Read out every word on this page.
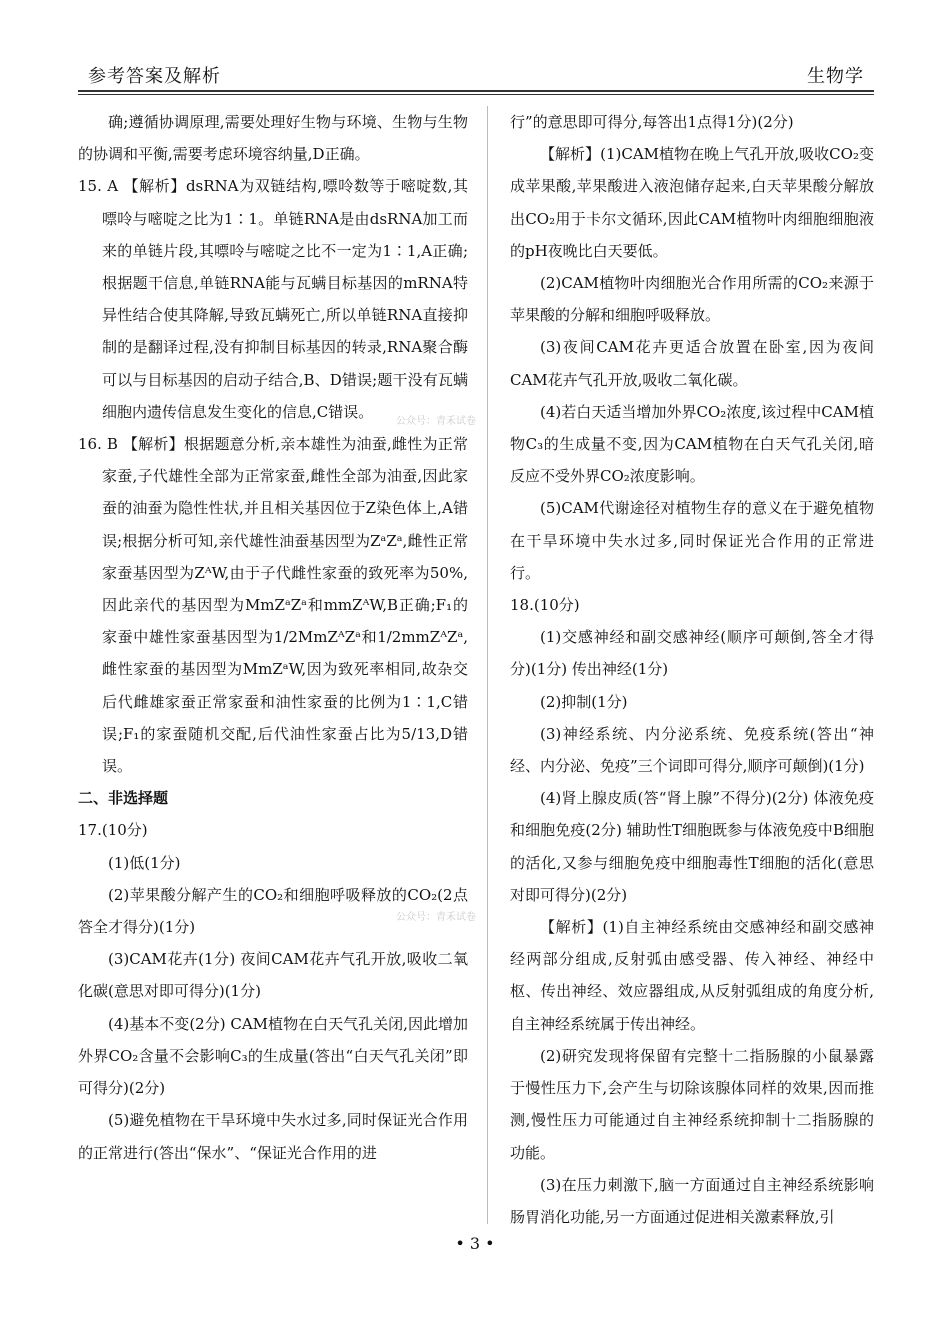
参考答案及解析	生物学

确;遵循协调原理,需要处理好生物与环境、生物与生物的协调和平衡,需要考虑环境容纳量,D正确。

15. A 【解析】dsRNA为双链结构,嘌呤数等于嘧啶数,其嘌呤与嘧啶之比为1∶1。单链RNA是由dsRNA加工而来的单链片段,其嘌呤与嘧啶之比不一定为1∶1,A正确;根据题干信息,单链RNA能与瓦螨目标基因的mRNA特异性结合使其降解,导致瓦螨死亡,所以单链RNA直接抑制的是翻译过程,没有抑制目标基因的转录,RNA聚合酶可以与目标基因的启动子结合,B、D错误;题干没有瓦螨细胞内遗传信息发生变化的信息,C错误。

16. B 【解析】根据题意分析,亲本雄性为油蚕,雌性为正常家蚕,子代雄性全部为正常家蚕,雌性全部为油蚕,因此家蚕的油蚕为隐性性状,并且相关基因位于Z染色体上,A错误;根据分析可知,亲代雄性油蚕基因型为ZᵃZᵃ,雌性正常家蚕基因型为ZᴬW,由于子代雌性家蚕的致死率为50%,因此亲代的基因型为MmZᵃZᵃ和mmZᴬW,B正确;F₁的家蚕中雄性家蚕基因型为1/2MmZᴬZᵃ和1/2mmZᴬZᵃ,雌性家蚕的基因型为MmZᵃW,因为致死率相同,故杂交后代雌雄家蚕正常家蚕和油性家蚕的比例为1∶1,C错误;F₁的家蚕随机交配,后代油性家蚕占比为5/13,D错误。

二、非选择题

17.(10分)

(1)低(1分)

(2)苹果酸分解产生的CO₂和细胞呼吸释放的CO₂(2点答全才得分)(1分)

(3)CAM花卉(1分) 夜间CAM花卉气孔开放,吸收二氧化碳(意思对即可得分)(1分)

(4)基本不变(2分) CAM植物在白天气孔关闭,因此增加外界CO₂含量不会影响C₃的生成量(答出“白天气孔关闭”即可得分)(2分)

(5)避免植物在干旱环境中失水过多,同时保证光合作用的正常进行(答出“保水”、“保证光合作用的进

行”的意思即可得分,每答出1点得1分)(2分)

【解析】(1)CAM植物在晚上气孔开放,吸收CO₂变成苹果酸,苹果酸进入液泡储存起来,白天苹果酸分解放出CO₂用于卡尔文循环,因此CAM植物叶肉细胞细胞液的pH夜晚比白天要低。

(2)CAM植物叶肉细胞光合作用所需的CO₂来源于苹果酸的分解和细胞呼吸释放。

(3)夜间CAM花卉更适合放置在卧室,因为夜间CAM花卉气孔开放,吸收二氧化碳。

(4)若白天适当增加外界CO₂浓度,该过程中CAM植物C₃的生成量不变,因为CAM植物在白天气孔关闭,暗反应不受外界CO₂浓度影响。

(5)CAM代谢途径对植物生存的意义在于避免植物在干旱环境中失水过多,同时保证光合作用的正常进行。

18.(10分)

(1)交感神经和副交感神经(顺序可颠倒,答全才得分)(1分) 传出神经(1分)

(2)抑制(1分)

(3)神经系统、内分泌系统、免疫系统(答出“神经、内分泌、免疫”三个词即可得分,顺序可颠倒)(1分)

(4)肾上腺皮质(答“肾上腺”不得分)(2分) 体液免疫和细胞免疫(2分) 辅助性T细胞既参与体液免疫中B细胞的活化,又参与细胞免疫中细胞毒性T细胞的活化(意思对即可得分)(2分)

【解析】(1)自主神经系统由交感神经和副交感神经两部分组成,反射弧由感受器、传入神经、神经中枢、传出神经、效应器组成,从反射弧组成的角度分析,自主神经系统属于传出神经。

(2)研究发现将保留有完整十二指肠腺的小鼠暴露于慢性压力下,会产生与切除该腺体同样的效果,因而推测,慢性压力可能通过自主神经系统抑制十二指肠腺的功能。

(3)在压力刺激下,脑一方面通过自主神经系统影响肠胃消化功能,另一方面通过促进相关激素释放,引

公众号：青禾试卷
公众号：青禾试卷
• 3 •
